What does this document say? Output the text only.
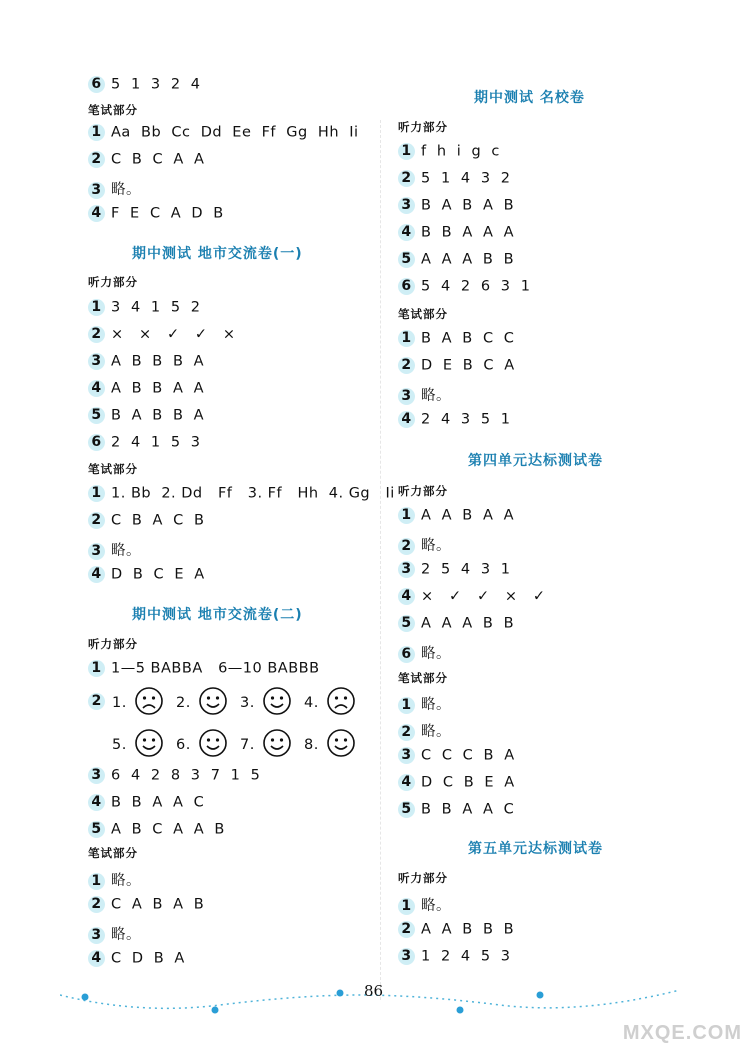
6 5  1  3  2  4
笔试部分
1 Aa  Bb  Cc  Dd  Ee  Ff  Gg  Hh  Ii
2 C  B  C  A  A
3 略。
4 F  E  C  A  D  B
期中测试 地市交流卷(一)
听力部分
1 3  4  1  5  2
2 ×   ×   ✓   ✓   ×
3 A  B  B  B  A
4 A  B  B  A  A
5 B  A  B  B  A
6 2  4  1  5  3
笔试部分
1 1. Bb  2. Dd   Ff   3. Ff   Hh  4. Gg   Ii
2 C  B  A  C  B
3 略。
4 D  B  C  E  A
期中测试 地市交流卷(二)
听力部分
1 1—5 BABBA   6—10 BABBB
2 1.	2.	3.	4.
5.	6.	7.	8.
3 6  4  2  8  3  7  1  5
4 B  B  A  A  C
5 A  B  C  A  A  B
笔试部分
1 略。
2 C  A  B  A  B
3 略。
4 C  D  B  A
期中测试 名校卷
听力部分
1 f  h  i  g  c
2 5  1  4  3  2
3 B  A  B  A  B
4 B  B  A  A  A
5 A  A  A  B  B
6 5  4  2  6  3  1
笔试部分
1 B  A  B  C  C
2 D  E  B  C  A
3 略。
4 2  4  3  5  1
第四单元达标测试卷
听力部分
1 A  A  B  A  A
2 略。
3 2  5  4  3  1
4 ×   ✓   ✓   ×   ✓
5 A  A  A  B  B
6 略。
笔试部分
1 略。
2 略。
3 C  C  C  B  A
4 D  C  B  E  A
5 B  B  A  A  C
第五单元达标测试卷
听力部分
1 略。
2 A  A  B  B  B
3 1  2  4  5  3
86
MXQE.COM
